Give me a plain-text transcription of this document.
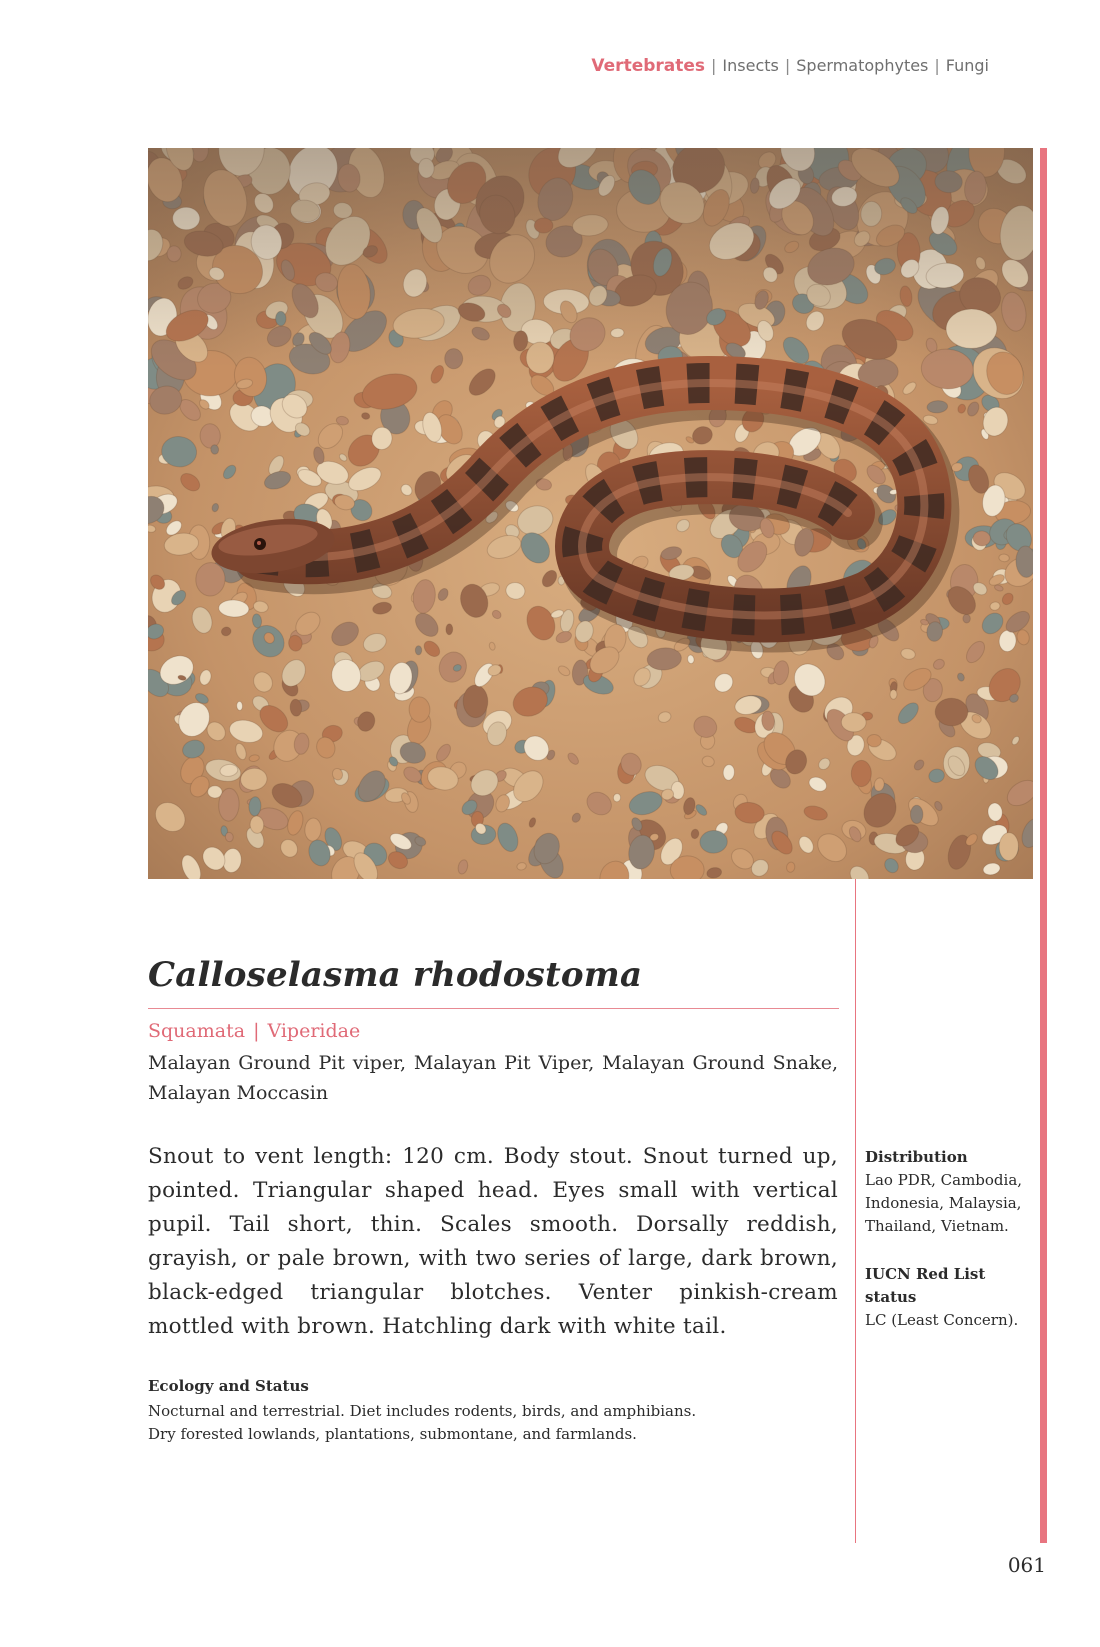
Vertebrates | Insects | Spermatophytes | Fungi
Calloselasma rhodostoma
Squamata | Viperidae
Malayan Ground Pit viper, Malayan Pit Viper, Malayan Ground Snake, Malayan Moccasin
Snout to vent length: 120 cm. Body stout. Snout turned up, pointed. Triangular shaped head. Eyes small with vertical pupil. Tail short, thin. Scales smooth. Dorsally reddish, grayish, or pale brown, with two series of large, dark brown, black-edged triangular blotches. Venter pinkish-cream mottled with brown. Hatchling dark with white tail.
Ecology and Status
Nocturnal and terrestrial. Diet includes rodents, birds, and amphibians.
Dry forested lowlands, plantations, submontane, and farmlands.
Distribution
Lao PDR, Cambodia, Indonesia, Malaysia, Thailand, Vietnam.
IUCN Red List status
LC (Least Concern).
061
